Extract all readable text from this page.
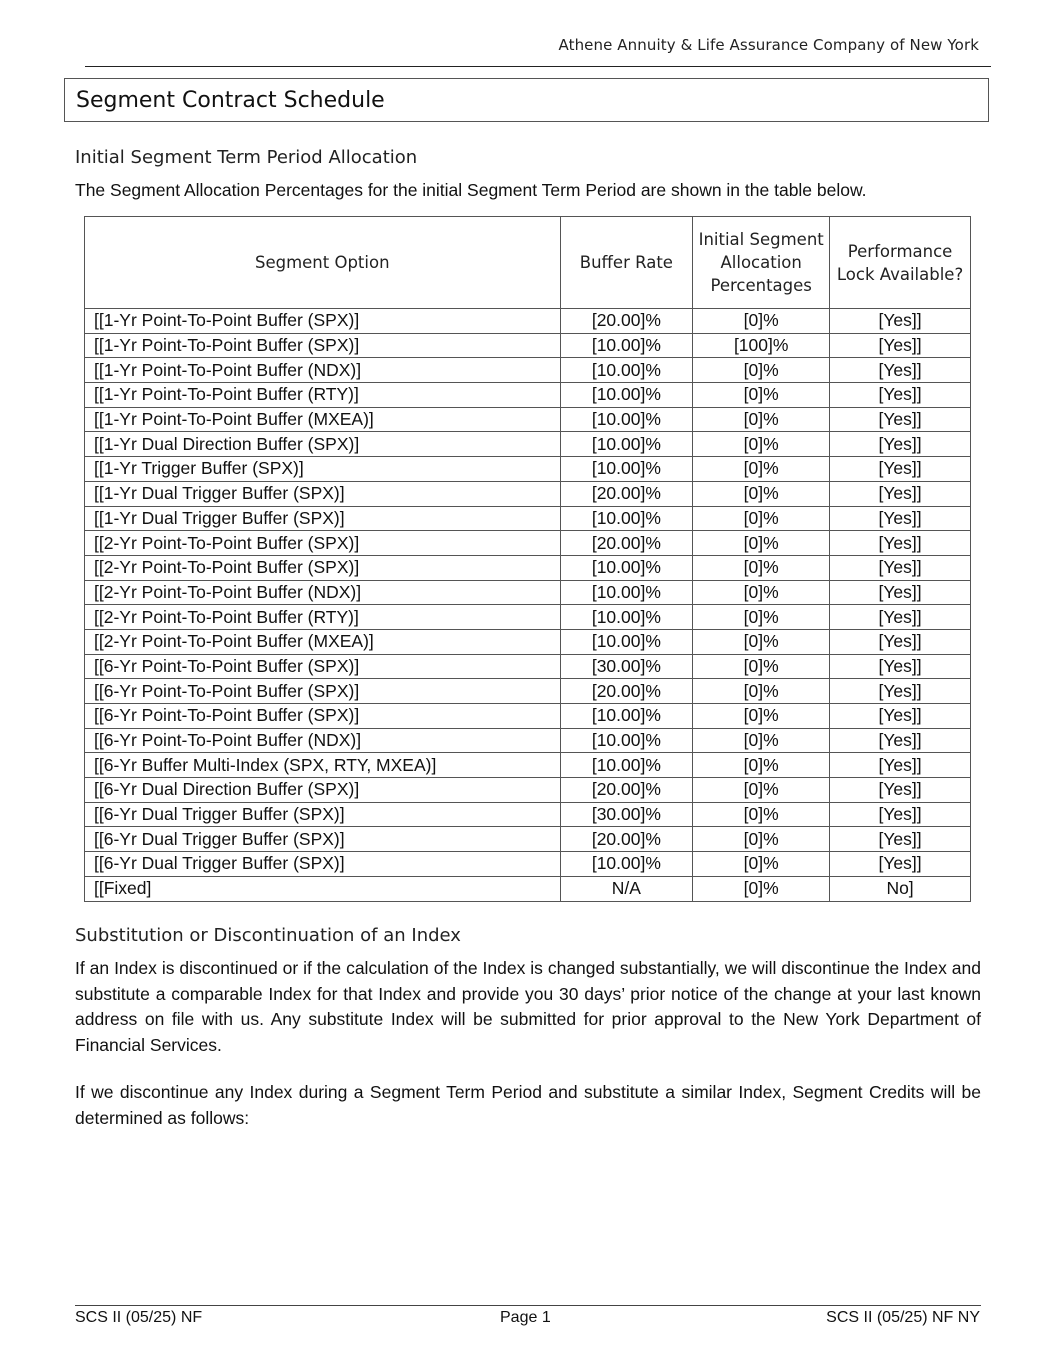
Athene Annuity & Life Assurance Company of New York
Segment Contract Schedule
Initial Segment Term Period Allocation
The Segment Allocation Percentages for the initial Segment Term Period are shown in the table below.
Segment Option	Buffer Rate	Initial Segment Allocation Percentages	Performance Lock Available?
[[1-Yr Point-To-Point Buffer (SPX)]	[20.00]%	[0]%	[Yes]]
[[1-Yr Point-To-Point Buffer (SPX)]	[10.00]%	[100]%	[Yes]]
[[1-Yr Point-To-Point Buffer (NDX)]	[10.00]%	[0]%	[Yes]]
[[1-Yr Point-To-Point Buffer (RTY)]	[10.00]%	[0]%	[Yes]]
[[1-Yr Point-To-Point Buffer (MXEA)]	[10.00]%	[0]%	[Yes]]
[[1-Yr Dual Direction Buffer (SPX)]	[10.00]%	[0]%	[Yes]]
[[1-Yr Trigger Buffer (SPX)]	[10.00]%	[0]%	[Yes]]
[[1-Yr Dual Trigger Buffer (SPX)]	[20.00]%	[0]%	[Yes]]
[[1-Yr Dual Trigger Buffer (SPX)]	[10.00]%	[0]%	[Yes]]
[[2-Yr Point-To-Point Buffer (SPX)]	[20.00]%	[0]%	[Yes]]
[[2-Yr Point-To-Point Buffer (SPX)]	[10.00]%	[0]%	[Yes]]
[[2-Yr Point-To-Point Buffer (NDX)]	[10.00]%	[0]%	[Yes]]
[[2-Yr Point-To-Point Buffer (RTY)]	[10.00]%	[0]%	[Yes]]
[[2-Yr Point-To-Point Buffer (MXEA)]	[10.00]%	[0]%	[Yes]]
[[6-Yr Point-To-Point Buffer (SPX)]	[30.00]%	[0]%	[Yes]]
[[6-Yr Point-To-Point Buffer (SPX)]	[20.00]%	[0]%	[Yes]]
[[6-Yr Point-To-Point Buffer (SPX)]	[10.00]%	[0]%	[Yes]]
[[6-Yr Point-To-Point Buffer (NDX)]	[10.00]%	[0]%	[Yes]]
[[6-Yr Buffer Multi-Index (SPX, RTY, MXEA)]	[10.00]%	[0]%	[Yes]]
[[6-Yr Dual Direction Buffer (SPX)]	[20.00]%	[0]%	[Yes]]
[[6-Yr Dual Trigger Buffer (SPX)]	[30.00]%	[0]%	[Yes]]
[[6-Yr Dual Trigger Buffer (SPX)]	[20.00]%	[0]%	[Yes]]
[[6-Yr Dual Trigger Buffer (SPX)]	[10.00]%	[0]%	[Yes]]
[[Fixed]	N/A	[0]%	No]
Substitution or Discontinuation of an Index
If an Index is discontinued or if the calculation of the Index is changed substantially, we will discontinue the Index and substitute a comparable Index for that Index and provide you 30 days’ prior notice of the change at your last known address on file with us. Any substitute Index will be submitted for prior approval to the New York Department of Financial Services.
If we discontinue any Index during a Segment Term Period and substitute a similar Index, Segment Credits will be determined as follows:
SCS II (05/25) NF	Page 1	SCS II (05/25) NF NY
